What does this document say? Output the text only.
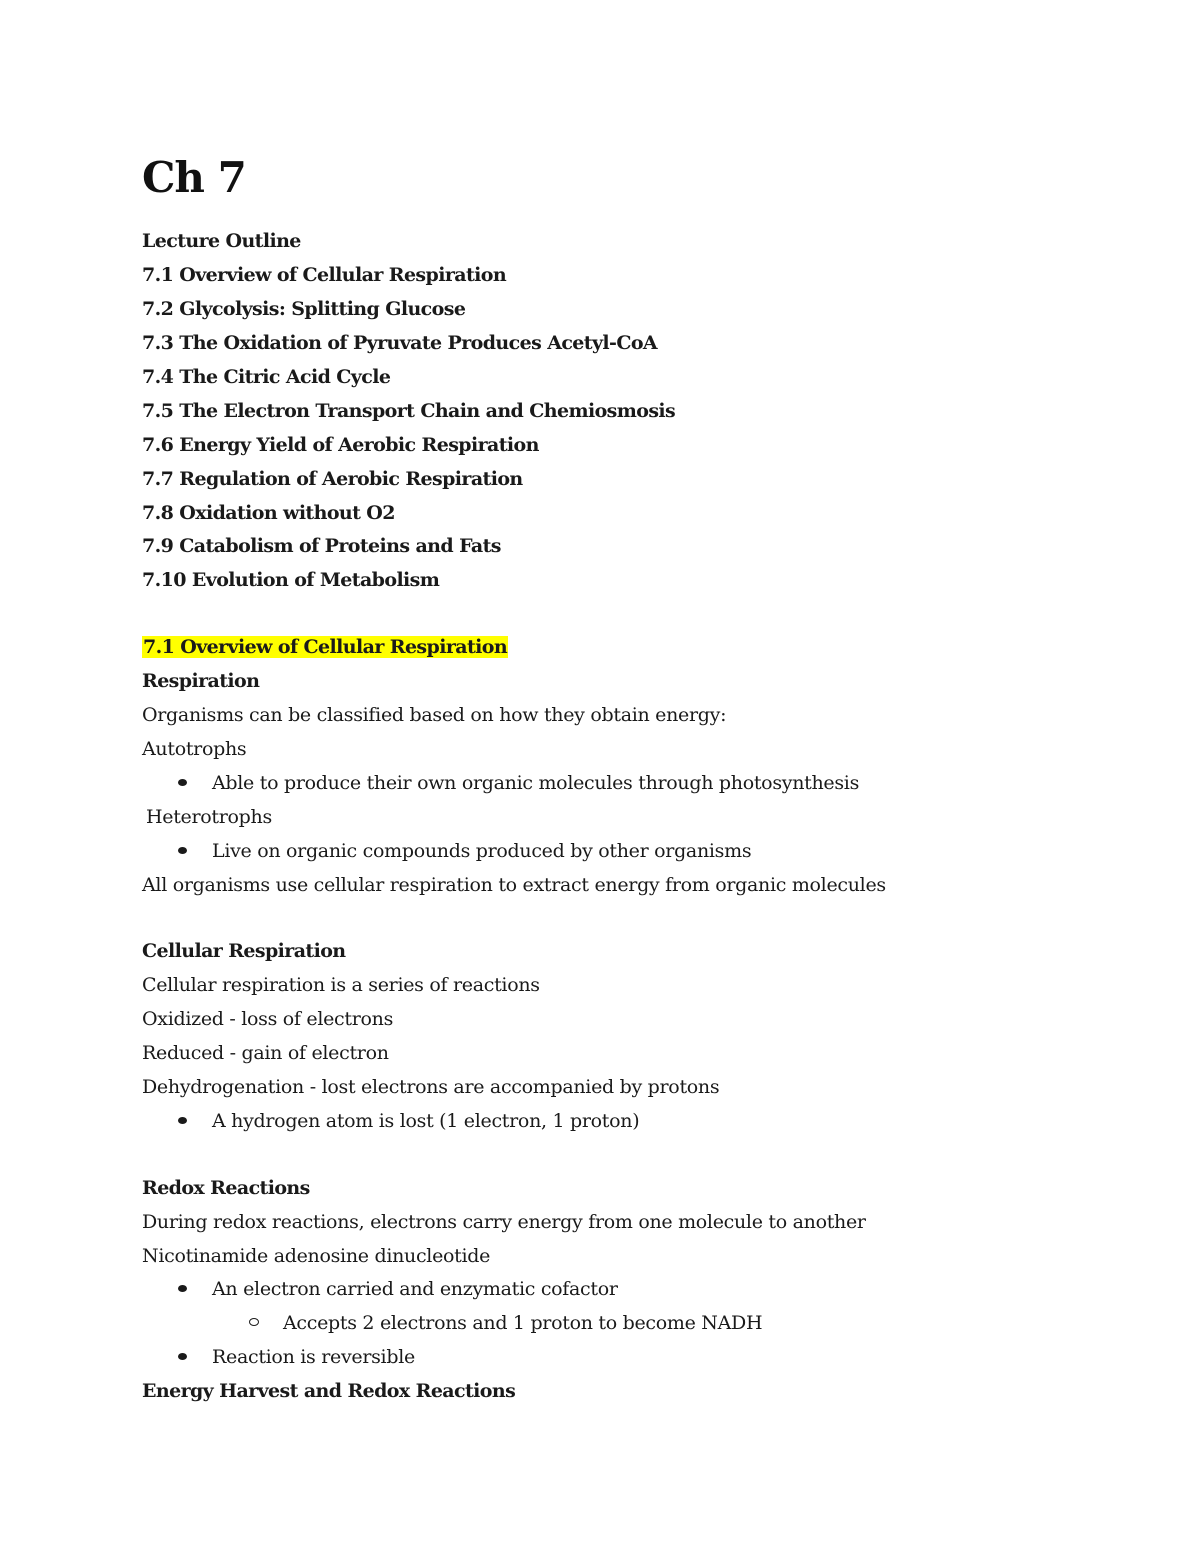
Ch 7
Lecture Outline
7.1 Overview of Cellular Respiration
7.2 Glycolysis: Splitting Glucose
7.3 The Oxidation of Pyruvate Produces Acetyl-CoA
7.4 The Citric Acid Cycle
7.5 The Electron Transport Chain and Chemiosmosis
7.6 Energy Yield of Aerobic Respiration
7.7 Regulation of Aerobic Respiration
7.8 Oxidation without O2
7.9 Catabolism of Proteins and Fats
7.10 Evolution of Metabolism
7.1 Overview of Cellular Respiration
Respiration
Organisms can be classified based on how they obtain energy:
Autotrophs
Able to produce their own organic molecules through photosynthesis
Heterotrophs
Live on organic compounds produced by other organisms
All organisms use cellular respiration to extract energy from organic molecules
Cellular Respiration
Cellular respiration is a series of reactions
Oxidized - loss of electrons
Reduced - gain of electron
Dehydrogenation - lost electrons are accompanied by protons
A hydrogen atom is lost (1 electron, 1 proton)
Redox Reactions
During redox reactions, electrons carry energy from one molecule to another
Nicotinamide adenosine dinucleotide
An electron carried and enzymatic cofactor
Accepts 2 electrons and 1 proton to become NADH
Reaction is reversible
Energy Harvest and Redox Reactions
